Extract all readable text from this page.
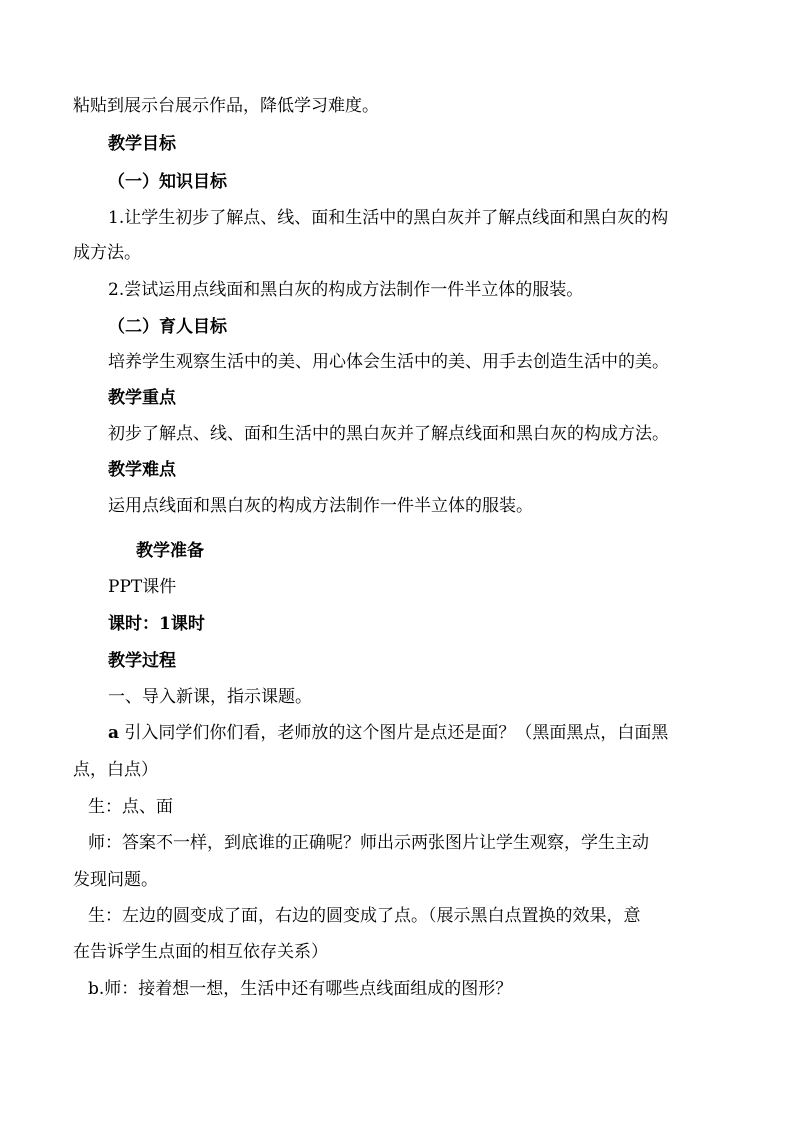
粘贴到展示台展示作品，降低学习难度。
教学目标
（一）知识目标
1.让学生初步了解点、线、面和生活中的黑白灰并了解点线面和黑白灰的构
成方法。
2.尝试运用点线面和黑白灰的构成方法制作一件半立体的服装。
（二）育人目标
培养学生观察生活中的美、用心体会生活中的美、用手去创造生活中的美。
教学重点
初步了解点、线、面和生活中的黑白灰并了解点线面和黑白灰的构成方法。
教学难点
运用点线面和黑白灰的构成方法制作一件半立体的服装。
教学准备
PPT课件
课时：1课时
教学过程
一、导入新课，指示课题。
a 引入同学们你们看，老师放的这个图片是点还是面？（黑面黑点，白面黑
点，白点）
生：点、面
师：答案不一样，到底谁的正确呢？师出示两张图片让学生观察，学生主动
发现问题。
生：左边的圆变成了面，右边的圆变成了点。（展示黑白点置换的效果，意
在告诉学生点面的相互依存关系）
b.师：接着想一想，生活中还有哪些点线面组成的图形？
